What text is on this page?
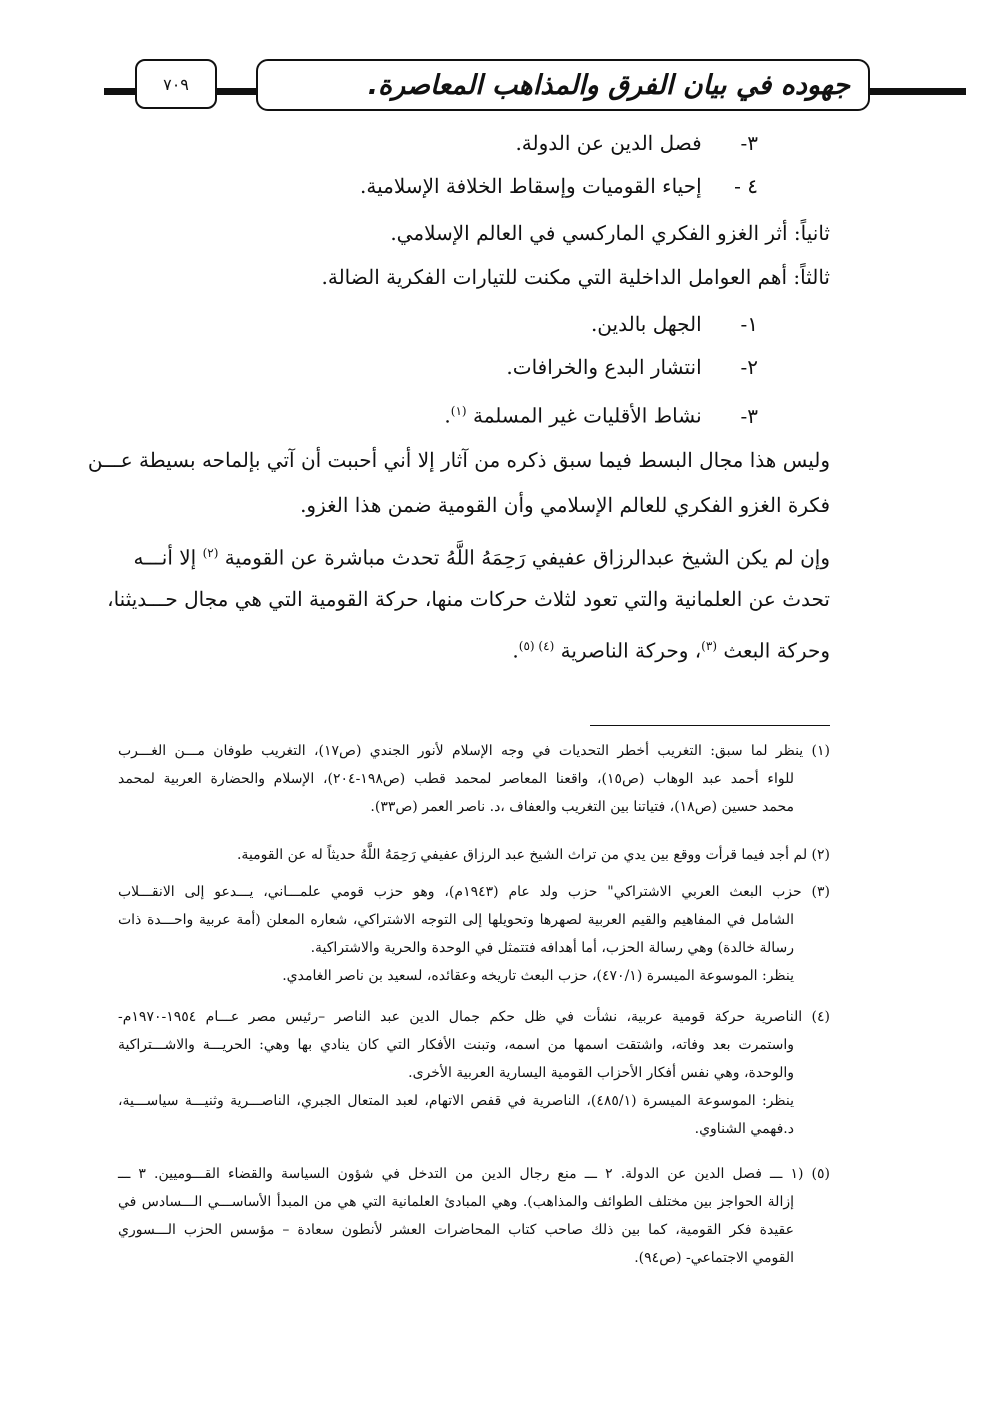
٧٠٩	جهوده في بيان الفرق والمذاهب المعاصرة.
٣- فصل الدين عن الدولة.
٤ - إحياء القوميات وإسقاط الخلافة الإسلامية.
ثانياً: أثر الغزو الفكري الماركسي في العالم الإسلامي.
ثالثاً: أهم العوامل الداخلية التي مكنت للتيارات الفكرية الضالة.
١- الجهل بالدين.
٢- انتشار البدع والخرافات.
٣- نشاط الأقليات غير المسلمة $^{(١)}$.
وليس هذا مجال البسط فيما سبق ذكره من آثار إلا أني أحببت أن آتي بإلماحه بسيطة عـــن
فكرة الغزو الفكري للعالم الإسلامي وأن القومية ضمن هذا الغزو.
وإن لم يكن الشيخ عبدالرزاق عفيفي رَحِمَهُ اللَّهُ تحدث مباشرة عن القومية $^{(٢)}$ إلا أنـــه
تحدث عن العلمانية والتي تعود لثلاث حركات منها، حركة القومية التي هي مجال حـــديثنا،
وحركة البعث $^{(٣)}$، وحركة الناصرية $^{(٤) (٥)}$.
(١) ينظر لما سبق: التغريب أخطر التحديات في وجه الإسلام لأنور الجندي (ص١٧)، التغريب طوفان مـــن الغـــرب
للواء أحمد عبد الوهاب (ص١٥)، واقعنا المعاصر لمحمد قطب (ص١٩٨-٢٠٤)، الإسلام والحضارة العربية لمحمد
محمد حسين (ص١٨)، فتياتنا بين التغريب والعفاف ،د. ناصر العمر (ص٣٣).
(٢) لم أجد فيما قرأت ووقع بين يدي من تراث الشيخ عبد الرزاق عفيفي رَحِمَهُ اللَّهُ حديثاً له عن القومية.
(٣) حزب البعث العربي الاشتراكي" حزب ولد عام (١٩٤٣م)، وهو حزب قومي علمـــاني، يـــدعو إلى الانقـــلاب
الشامل في المفاهيم والقيم العربية لصهرها وتحويلها إلى التوجه الاشتراكي، شعاره المعلن (أمة عربية واحـــدة ذات
رسالة خالدة) وهي رسالة الحزب، أما أهدافه فتتمثل في الوحدة والحرية والاشتراكية.
ينظر: الموسوعة الميسرة (٤٧٠/١)، حزب البعث تاريخه وعقائده، لسعيد بن ناصر الغامدي.
(٤) الناصرية حركة قومية عربية، نشأت في ظل حكم جمال الدين عبد الناصر –رئيس مصر عـــام ١٩٥٤-١٩٧٠م-
واستمرت بعد وفاته، واشتقت اسمها من اسمه، وتبنت الأفكار التي كان ينادي بها وهي: الحريـــة والاشـــتراكية
والوحدة، وهي نفس أفكار الأحزاب القومية اليسارية العربية الأخرى.
ينظر: الموسوعة الميسرة (٤٨٥/١)، الناصرية في قفص الاتهام، لعبد المتعال الجبري، الناصـــرية وثنيـــة سياســـية،
د.فهمي الشناوي.
(٥) (١ ـــ فصل الدين عن الدولة. ٢ ـــ منع رجال الدين من التدخل في شؤون السياسة والقضاء القـــوميين. ٣ ـــ
إزالة الحواجز بين مختلف الطوائف والمذاهب). وهي المبادئ العلمانية التي هي من المبدأ الأساســـي الـــسادس في
عقيدة فكر القومية، كما بين ذلك صاحب كتاب المحاضرات العشر لأنطون سعادة – مؤسس الحزب الـــسوري
القومي الاجتماعي- (ص٩٤).
